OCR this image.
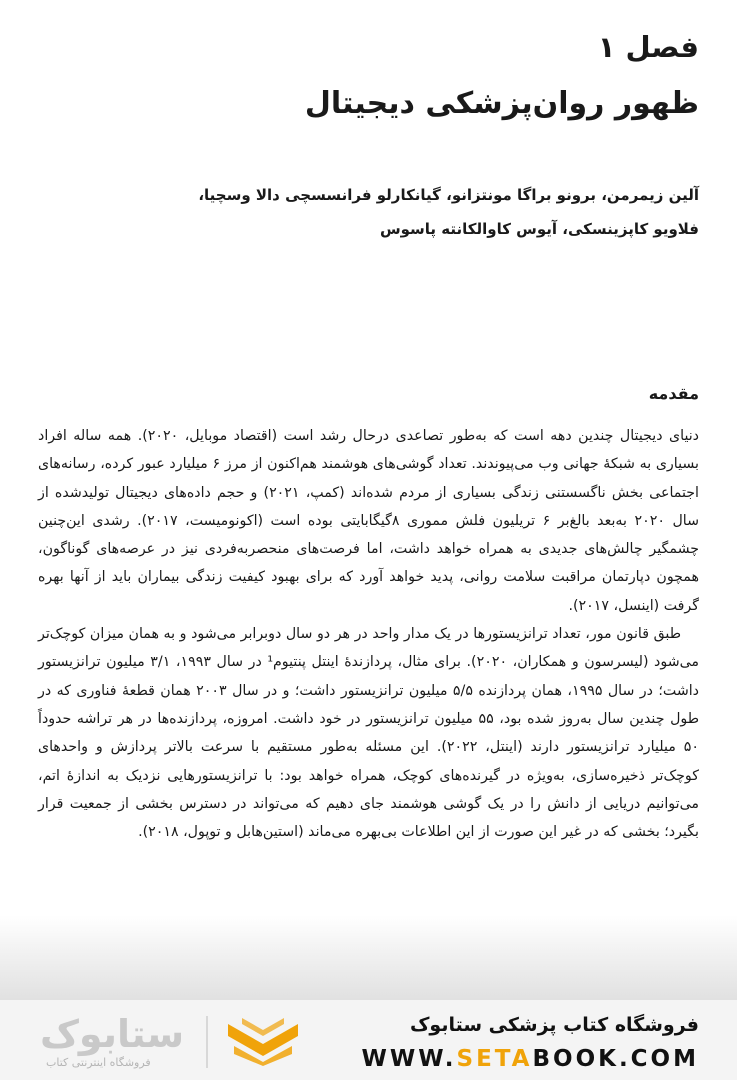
فصل ۱
ظهور روان‌پزشکی دیجیتال
آلین زیمرمن، برونو براگا مونتزانو، گیانکارلو فرانسسچی دالا وسچیا،
فلاویو کاپزینسکی، آیوس کاوالکانته پاسوس
مقدمه

دنیای دیجیتال چندین دهه است که به‌طور تصاعدی درحال رشد است (اقتصاد موبایل، ۲۰۲۰). همه ساله افراد بسیاری به شبکهٔ جهانی وب می‌پیوندند. تعداد گوشی‌های هوشمند هم‌اکنون از مرز ۶ میلیارد عبور کرده، رسانه‌های اجتماعی بخش ناگسستنی زندگی بسیاری از مردم شده‌اند (کمپ، ۲۰۲۱) و حجم داده‌های دیجیتال تولیدشده از سال ۲۰۲۰ به‌بعد بالغ‌بر ۶ تریلیون فلش مموری ۸گیگابایتی بوده است (اکونومیست، ۲۰۱۷). رشدی این‌چنین چشمگیر چالش‌های جدیدی به همراه خواهد داشت، اما فرصت‌های منحصربه‌فردی نیز در عرصه‌های گوناگون، همچون دپارتمان مراقبت سلامت روانی، پدید خواهد آورد که برای بهبود کیفیت زندگی بیماران باید از آنها بهره گرفت (اینسل، ۲۰۱۷).

طبق قانون مور، تعداد ترانزیستورها در یک مدار واحد در هر دو سال دوبرابر می‌شود و به همان میزان کوچک‌تر می‌شود (لیسرسون و همکاران، ۲۰۲۰). برای مثال، پردازندهٔ اینتل پنتیوم¹ در سال ۱۹۹۳، ۳/۱ میلیون ترانزیستور داشت؛ در سال ۱۹۹۵، همان پردازنده ۵/۵ میلیون ترانزیستور داشت؛ و در سال ۲۰۰۳ همان قطعهٔ فناوری که در طول چندین سال به‌روز شده بود، ۵۵ میلیون ترانزیستور در خود داشت. امروزه، پردازنده‌ها در هر تراشه حدوداً ۵۰ میلیارد ترانزیستور دارند (اینتل، ۲۰۲۲). این مسئله به‌طور مستقیم با سرعت بالاتر پردازش و واحدهای کوچک‌تر ذخیره‌سازی، به‌ویژه در گیرنده‌های کوچک، همراه خواهد بود: با ترانزیستورهایی نزدیک به اندازهٔ اتم، می‌توانیم دریایی از دانش را در یک گوشی هوشمند جای دهیم که می‌تواند در دسترس بخشی از جمعیت قرار بگیرد؛ بخشی که در غیر این صورت از این اطلاعات بی‌بهره می‌ماند (استین‌هابل و توپول، ۲۰۱۸).

ستابوک
فروشگاه اینترنتی کتاب
فروشگاه کتاب پزشکی ستابوک
WWW.SETABOOK.COM
